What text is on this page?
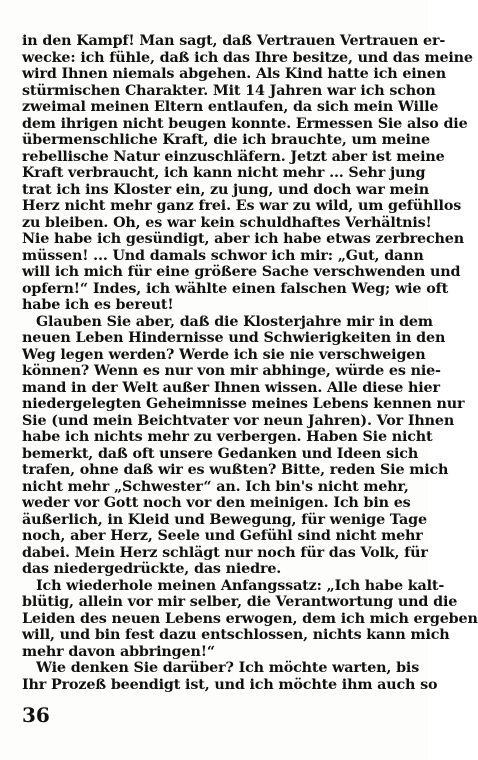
in den Kampf! Man sagt, daß Vertrauen Vertrauen er-
wecke: ich fühle, daß ich das Ihre besitze, und das meine
wird Ihnen niemals abgehen. Als Kind hatte ich einen
stürmischen Charakter. Mit 14 Jahren war ich schon
zweimal meinen Eltern entlaufen, da sich mein Wille
dem ihrigen nicht beugen konnte. Ermessen Sie also die
übermenschliche Kraft, die ich brauchte, um meine
rebellische Natur einzuschläfern. Jetzt aber ist meine
Kraft verbraucht, ich kann nicht mehr ... Sehr jung
trat ich ins Kloster ein, zu jung, und doch war mein
Herz nicht mehr ganz frei. Es war zu wild, um gefühllos
zu bleiben. Oh, es war kein schuldhaftes Verhältnis!
Nie habe ich gesündigt, aber ich habe etwas zerbrechen
müssen! ... Und damals schwor ich mir: „Gut, dann
will ich mich für eine größere Sache verschwenden und
opfern!“ Indes, ich wählte einen falschen Weg; wie oft
habe ich es bereut!
Glauben Sie aber, daß die Klosterjahre mir in dem
neuen Leben Hindernisse und Schwierigkeiten in den
Weg legen werden? Werde ich sie nie verschweigen
können? Wenn es nur von mir abhinge, würde es nie-
mand in der Welt außer Ihnen wissen. Alle diese hier
niedergelegten Geheimnisse meines Lebens kennen nur
Sie (und mein Beichtvater vor neun Jahren). Vor Ihnen
habe ich nichts mehr zu verbergen. Haben Sie nicht
bemerkt, daß oft unsere Gedanken und Ideen sich
trafen, ohne daß wir es wußten? Bitte, reden Sie mich
nicht mehr „Schwester“ an. Ich bin's nicht mehr,
weder vor Gott noch vor den meinigen. Ich bin es
äußerlich, in Kleid und Bewegung, für wenige Tage
noch, aber Herz, Seele und Gefühl sind nicht mehr
dabei. Mein Herz schlägt nur noch für das Volk, für
das niedergedrückte, das niedre.
Ich wiederhole meinen Anfangssatz: „Ich habe kalt-
blütig, allein vor mir selber, die Verantwortung und die
Leiden des neuen Lebens erwogen, dem ich mich ergeben
will, und bin fest dazu entschlossen, nichts kann mich
mehr davon abbringen!“
Wie denken Sie darüber? Ich möchte warten, bis
Ihr Prozeß beendigt ist, und ich möchte ihm auch so
36
